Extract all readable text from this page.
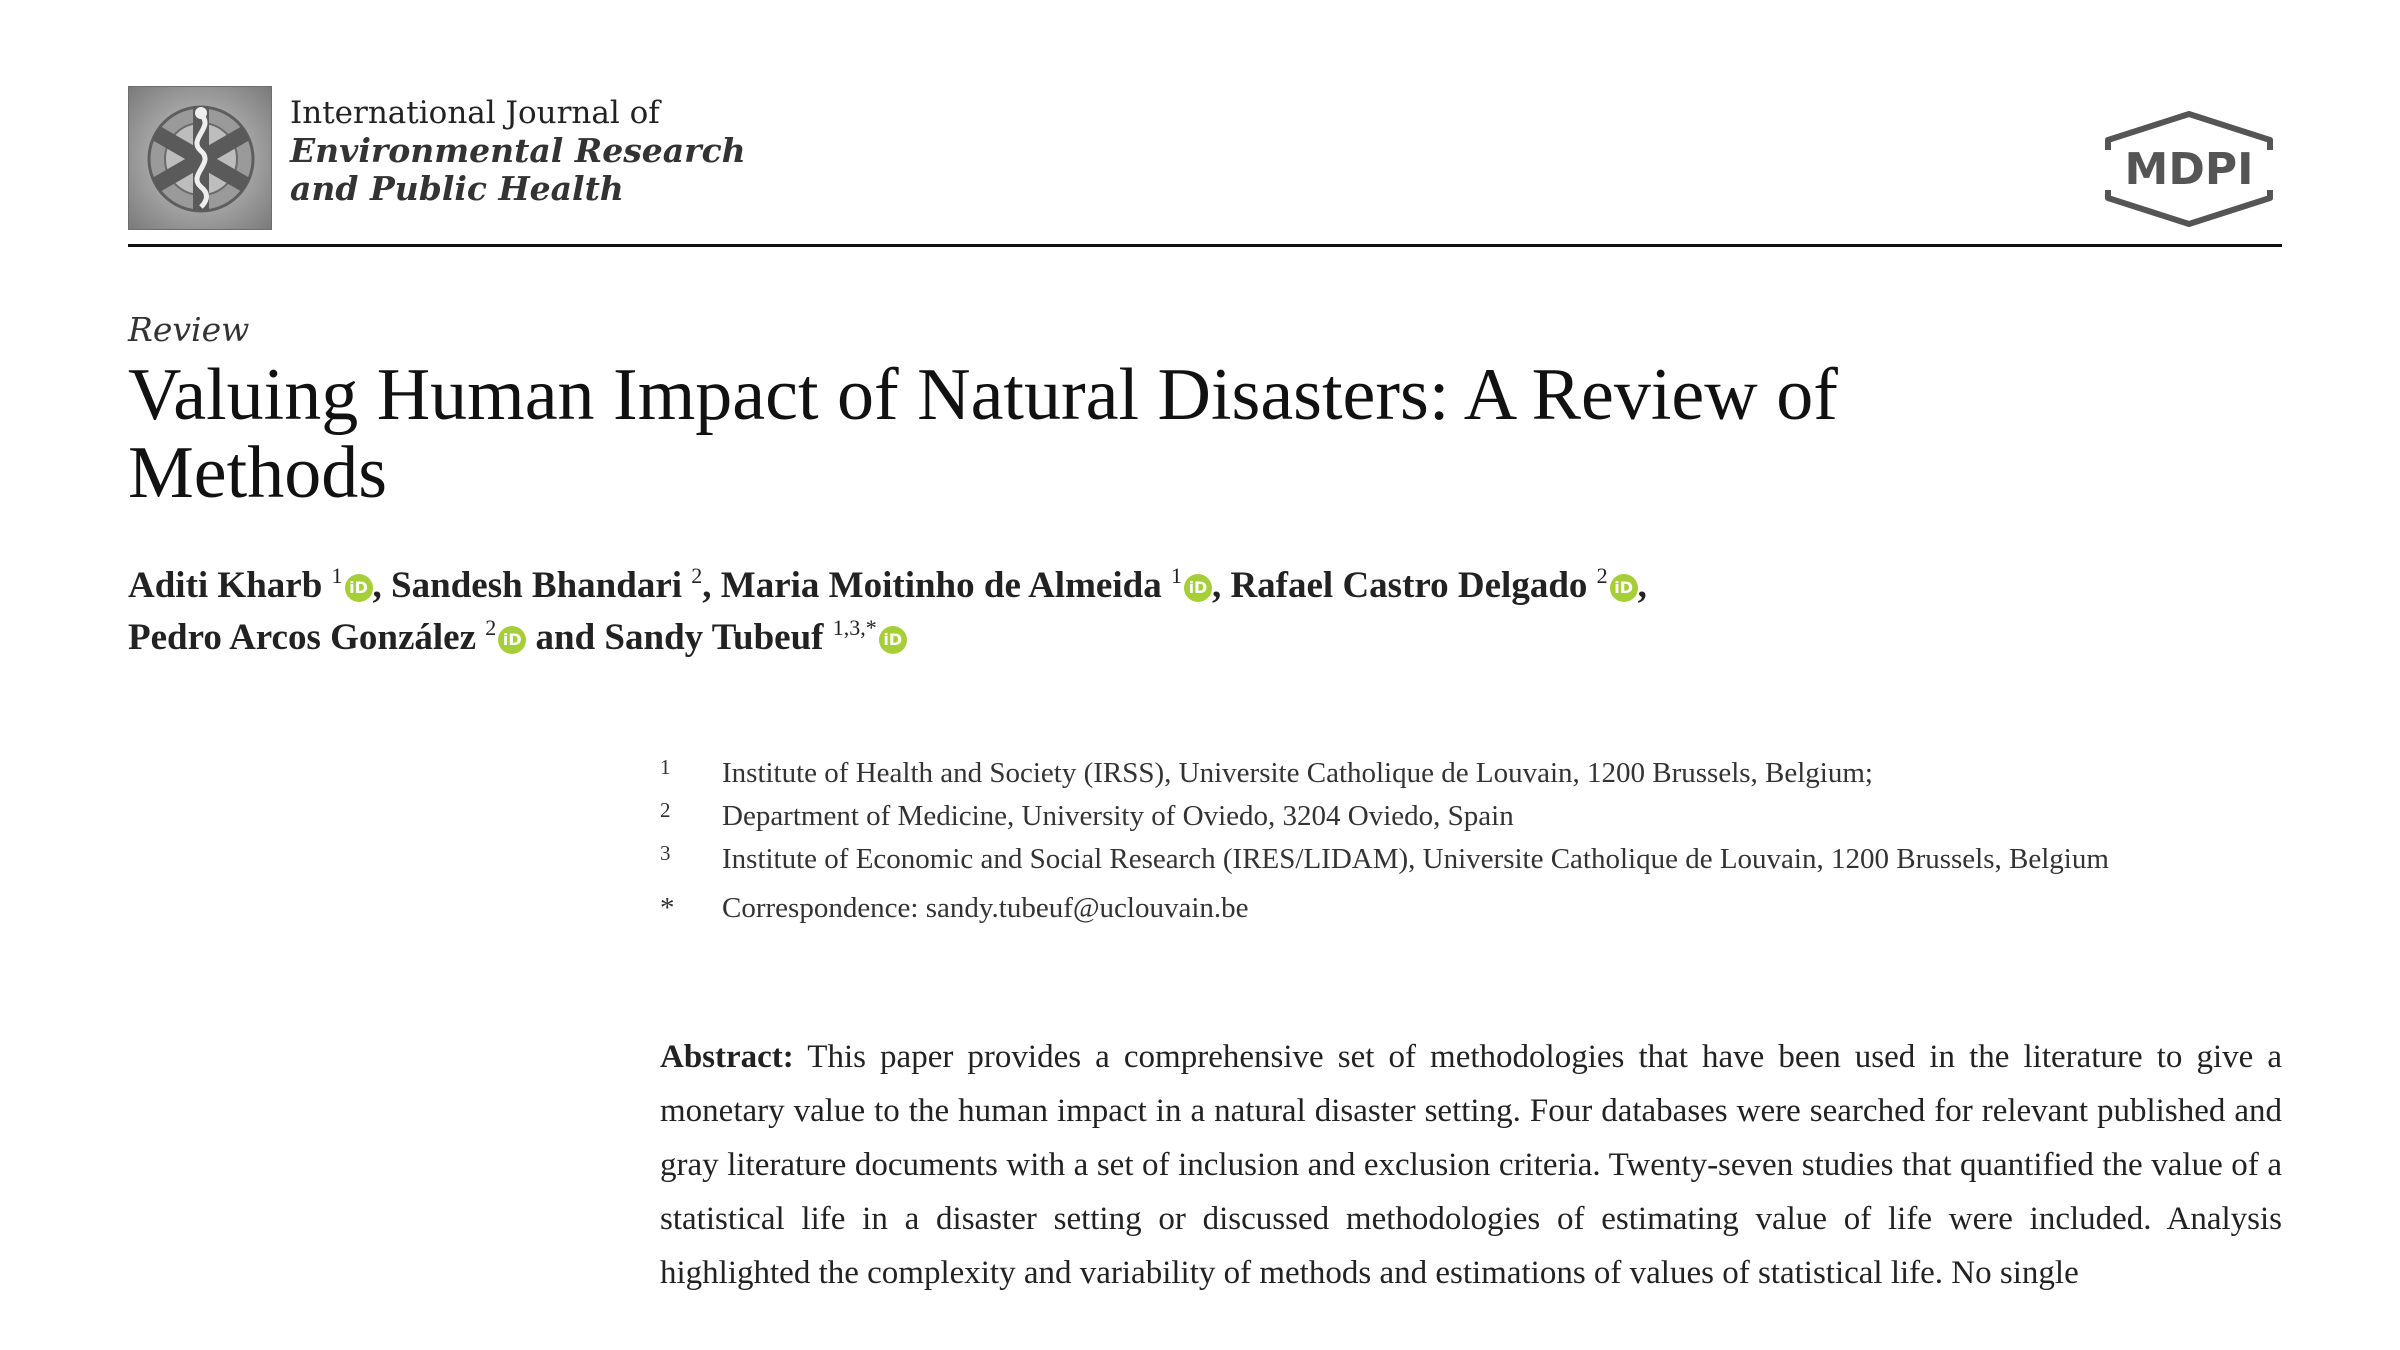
International Journal of
Environmental Research
and Public Health	MDPI
Review
Valuing Human Impact of Natural Disasters: A Review of Methods
Aditi Kharb $^1$ iD , Sandesh Bhandari $^2$, Maria Moitinho de Almeida $^1$ iD , Rafael Castro Delgado $^2$ iD ,
Pedro Arcos González $^2$ iD and Sandy Tubeuf $^{1,3,*}$ iD
1 Institute of Health and Society (IRSS), Universite Catholique de Louvain, 1200 Brussels, Belgium;
2 Department of Medicine, University of Oviedo, 3204 Oviedo, Spain
3 Institute of Economic and Social Research (IRES/LIDAM), Universite Catholique de Louvain, 1200 Brussels, Belgium
* Correspondence: sandy.tubeuf@uclouvain.be
Abstract: This paper provides a comprehensive set of methodologies that have been used in the literature to give a monetary value to the human impact in a natural disaster setting. Four databases were searched for relevant published and gray literature documents with a set of inclusion and exclusion criteria. Twenty-seven studies that quantified the value of a statistical life in a disaster setting or discussed methodologies of estimating value of life were included. Analysis highlighted the complexity and variability of methods and estimations of values of statistical life. No single
